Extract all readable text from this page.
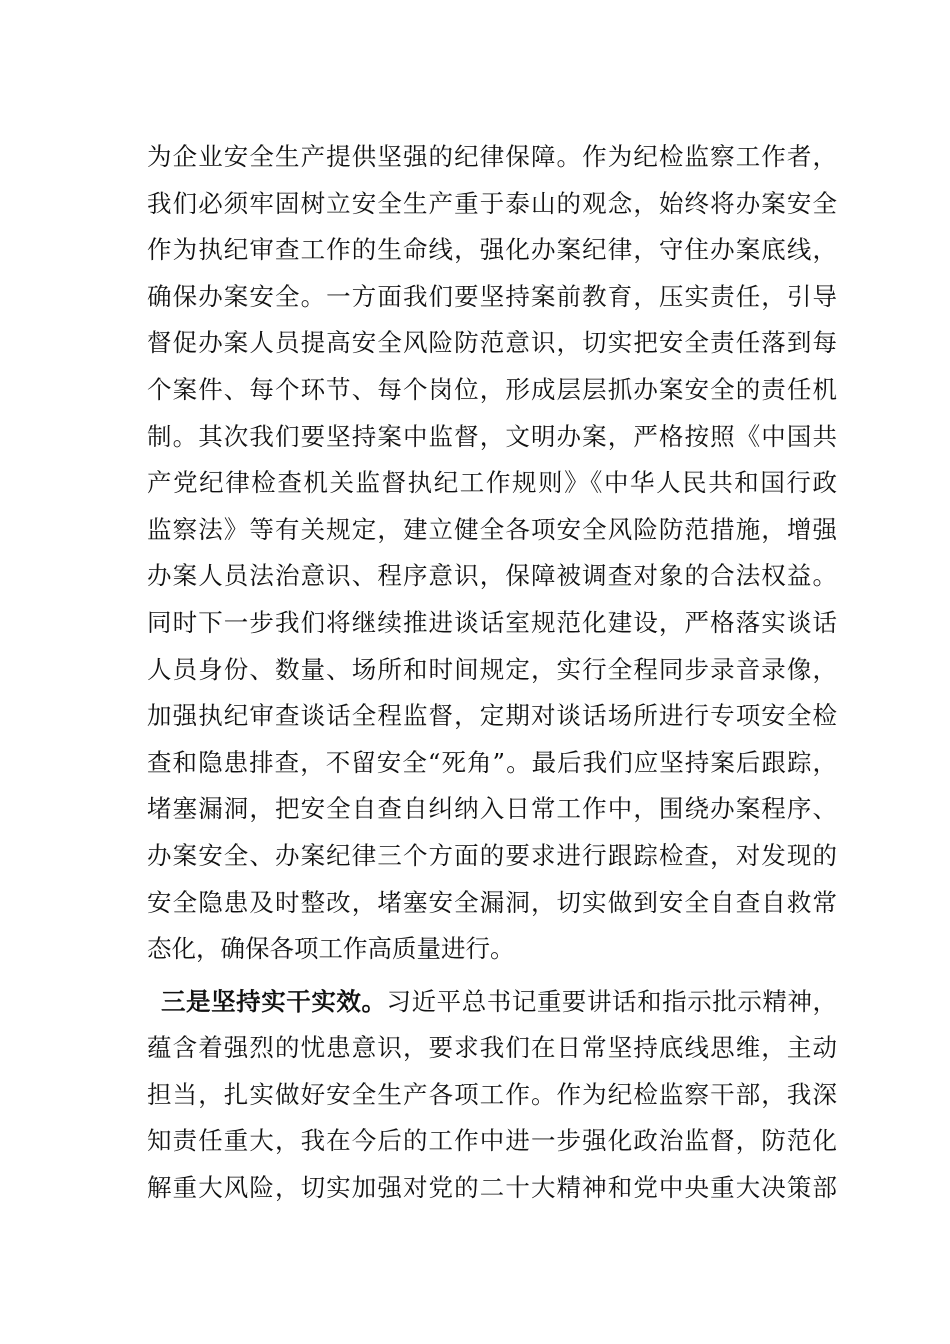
为企业安全生产提供坚强的纪律保障。作为纪检监察工作者，
我们必须牢固树立安全生产重于泰山的观念，始终将办案安全
作为执纪审查工作的生命线，强化办案纪律，守住办案底线，
确保办案安全。一方面我们要坚持案前教育，压实责任，引导
督促办案人员提高安全风险防范意识，切实把安全责任落到每
个案件、每个环节、每个岗位，形成层层抓办案安全的责任机
制。其次我们要坚持案中监督，文明办案，严格按照《中国共
产党纪律检查机关监督执纪工作规则》《中华人民共和国行政
监察法》等有关规定，建立健全各项安全风险防范措施，增强
办案人员法治意识、程序意识，保障被调查对象的合法权益。
同时下一步我们将继续推进谈话室规范化建设，严格落实谈话
人员身份、数量、场所和时间规定，实行全程同步录音录像，
加强执纪审查谈话全程监督，定期对谈话场所进行专项安全检
查和隐患排查，不留安全“死角”。最后我们应坚持案后跟踪，
堵塞漏洞，把安全自查自纠纳入日常工作中，围绕办案程序、
办案安全、办案纪律三个方面的要求进行跟踪检查，对发现的
安全隐患及时整改，堵塞安全漏洞，切实做到安全自查自救常
态化，确保各项工作高质量进行。
三是坚持实干实效。习近平总书记重要讲话和指示批示精神，
蕴含着强烈的忧患意识，要求我们在日常坚持底线思维，主动
担当，扎实做好安全生产各项工作。作为纪检监察干部，我深
知责任重大，我在今后的工作中进一步强化政治监督，防范化
解重大风险，切实加强对党的二十大精神和党中央重大决策部
